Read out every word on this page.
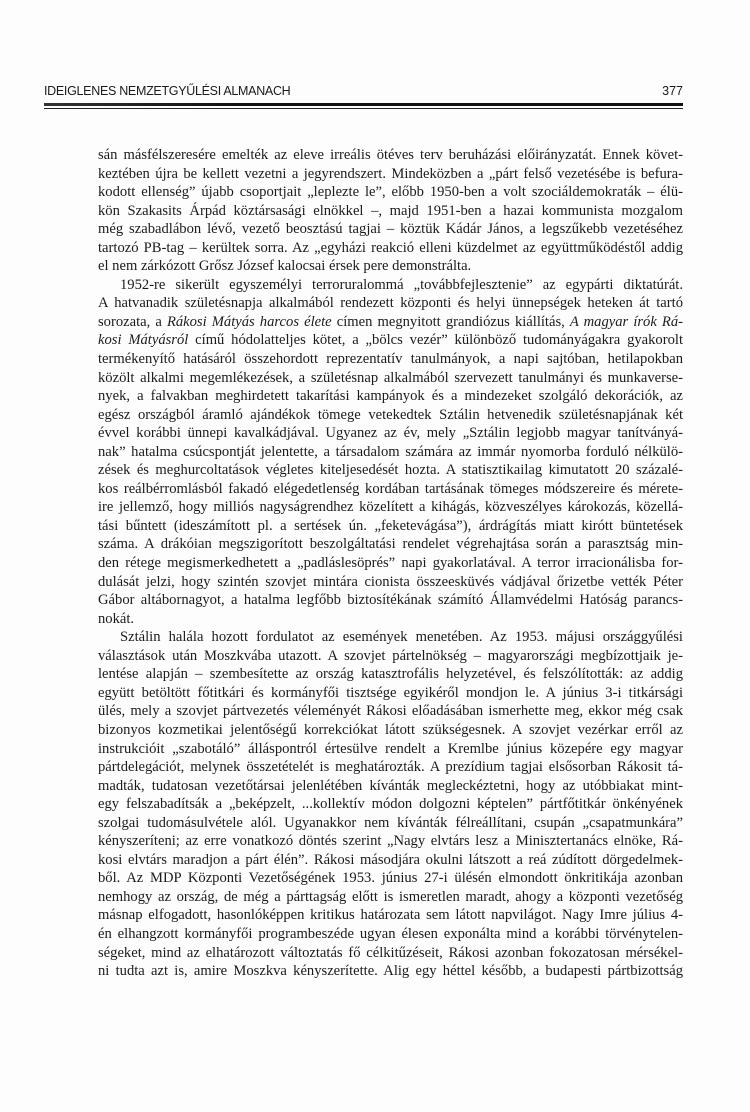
IDEIGLENES NEMZETGYŰLÉSI ALMANACH	377
sán másfélszeresére emelték az eleve irreális ötéves terv beruházási előirányzatát. Ennek követ-
keztében újra be kellett vezetni a jegyrendszert. Mindeközben a „párt felső vezetésébe is befura-
kodott ellenség” újabb csoportjait „leplezte le”, előbb 1950-ben a volt szociáldemokraták – élü-
kön Szakasits Árpád köztársasági elnökkel –, majd 1951-ben a hazai kommunista mozgalom
még szabadlábon lévő, vezető beosztású tagjai – köztük Kádár János, a legszűkebb vezetéséhez
tartozó PB-tag – kerültek sorra. Az „egyházi reakció elleni küzdelmet az együttműködéstől addig
el nem zárkózott Grősz József kalocsai érsek pere demonstrálta.
1952-re sikerült egyszemélyi terroruralommá „továbbfejlesztenie” az egypárti diktatúrát.
A hatvanadik születésnapja alkalmából rendezett központi és helyi ünnepségek heteken át tartó
sorozata, a Rákosi Mátyás harcos élete címen megnyitott grandiózus kiállítás, A magyar írók Rá-
kosi Mátyásról című hódolatteljes kötet, a „bölcs vezér” különböző tudományágakra gyakorolt
termékenyítő hatásáról összehordott reprezentatív tanulmányok, a napi sajtóban, hetilapokban
közölt alkalmi megemlékezések, a születésnap alkalmából szervezett tanulmányi és munkaverse-
nyek, a falvakban meghirdetett takarítási kampányok és a mindezeket szolgáló dekorációk, az
egész országból áramló ajándékok tömege vetekedtek Sztálin hetvenedik születésnapjának két
évvel korábbi ünnepi kavalkádjával. Ugyanez az év, mely „Sztálin legjobb magyar tanítványá-
nak” hatalma csúcspontját jelentette, a társadalom számára az immár nyomorba forduló nélkülö-
zések és meghurcoltatások végletes kiteljesedését hozta. A statisztikailag kimutatott 20 százalé-
kos reálbérromlásból fakadó elégedetlenség kordában tartásának tömeges módszereire és mérete-
ire jellemző, hogy milliós nagyságrendhez közelített a kihágás, közveszélyes károkozás, közellá-
tási bűntett (ideszámított pl. a sertések ún. „feketevágása”), árdrágítás miatt kirótt büntetések
száma. A drákóian megszigorított beszolgáltatási rendelet végrehajtása során a parasztság min-
den rétege megismerkedhetett a „padláslesöprés” napi gyakorlatával. A terror irracionálisba for-
dulását jelzi, hogy szintén szovjet mintára cionista összeesküvés vádjával őrizetbe vették Péter
Gábor altábornagyot, a hatalma legfőbb biztosítékának számító Államvédelmi Hatóság parancs-
nokát.
Sztálin halála hozott fordulatot az események menetében. Az 1953. májusi országgyűlési
választások után Moszkvába utazott. A szovjet pártelnökség – magyarországi megbízottjaik je-
lentése alapján – szembesítette az ország katasztrofális helyzetével, és felszólították: az addig
együtt betöltött főtitkári és kormányfői tisztsége egyikéről mondjon le. A június 3-i titkársági
ülés, mely a szovjet pártvezetés véleményét Rákosi előadásában ismerhette meg, ekkor még csak
bizonyos kozmetikai jelentőségű korrekciókat látott szükségesnek. A szovjet vezérkar erről az
instrukcióit „szabotáló” álláspontról értesülve rendelt a Kremlbe június közepére egy magyar
pártdelegációt, melynek összetételét is meghatározták. A prezídium tagjai elsősorban Rákosit tá-
madták, tudatosan vezetőtársai jelenlétében kívánták megleckéztetni, hogy az utóbbiakat mint-
egy felszabadítsák a „beképzelt, ...kollektív módon dolgozni képtelen” pártfőtitkár önkényének
szolgai tudomásulvétele alól. Ugyanakkor nem kívánták félreállítani, csupán „csapatmunkára”
kényszeríteni; az erre vonatkozó döntés szerint „Nagy elvtárs lesz a Minisztertanács elnöke, Rá-
kosi elvtárs maradjon a párt élén”. Rákosi másodjára okulni látszott a reá zúdított dörgedelmek-
ből. Az MDP Központi Vezetőségének 1953. június 27-i ülésén elmondott önkritikája azonban
nemhogy az ország, de még a párttagság előtt is ismeretlen maradt, ahogy a központi vezetőség
másnap elfogadott, hasonlóképpen kritikus határozata sem látott napvilágot. Nagy Imre július 4-
én elhangzott kormányfői programbeszéde ugyan élesen exponálta mind a korábbi törvénytelen-
ségeket, mind az elhatározott változtatás fő célkitűzéseit, Rákosi azonban fokozatosan mérsékel-
ni tudta azt is, amire Moszkva kényszerítette. Alig egy héttel később, a budapesti pártbizottság
